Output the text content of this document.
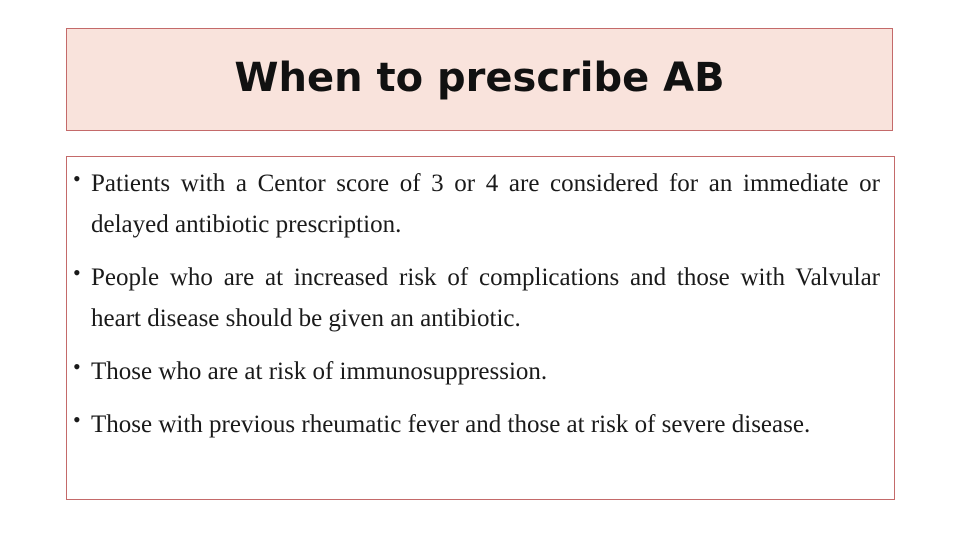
When to prescribe AB
• Patients with a Centor score of 3 or 4 are considered for an immediate or delayed antibiotic prescription.
• People who are at increased risk of complications and those with Valvular heart disease should be given an antibiotic.
• Those who are at risk of immunosuppression.
• Those with previous rheumatic fever and those at risk of severe disease.
